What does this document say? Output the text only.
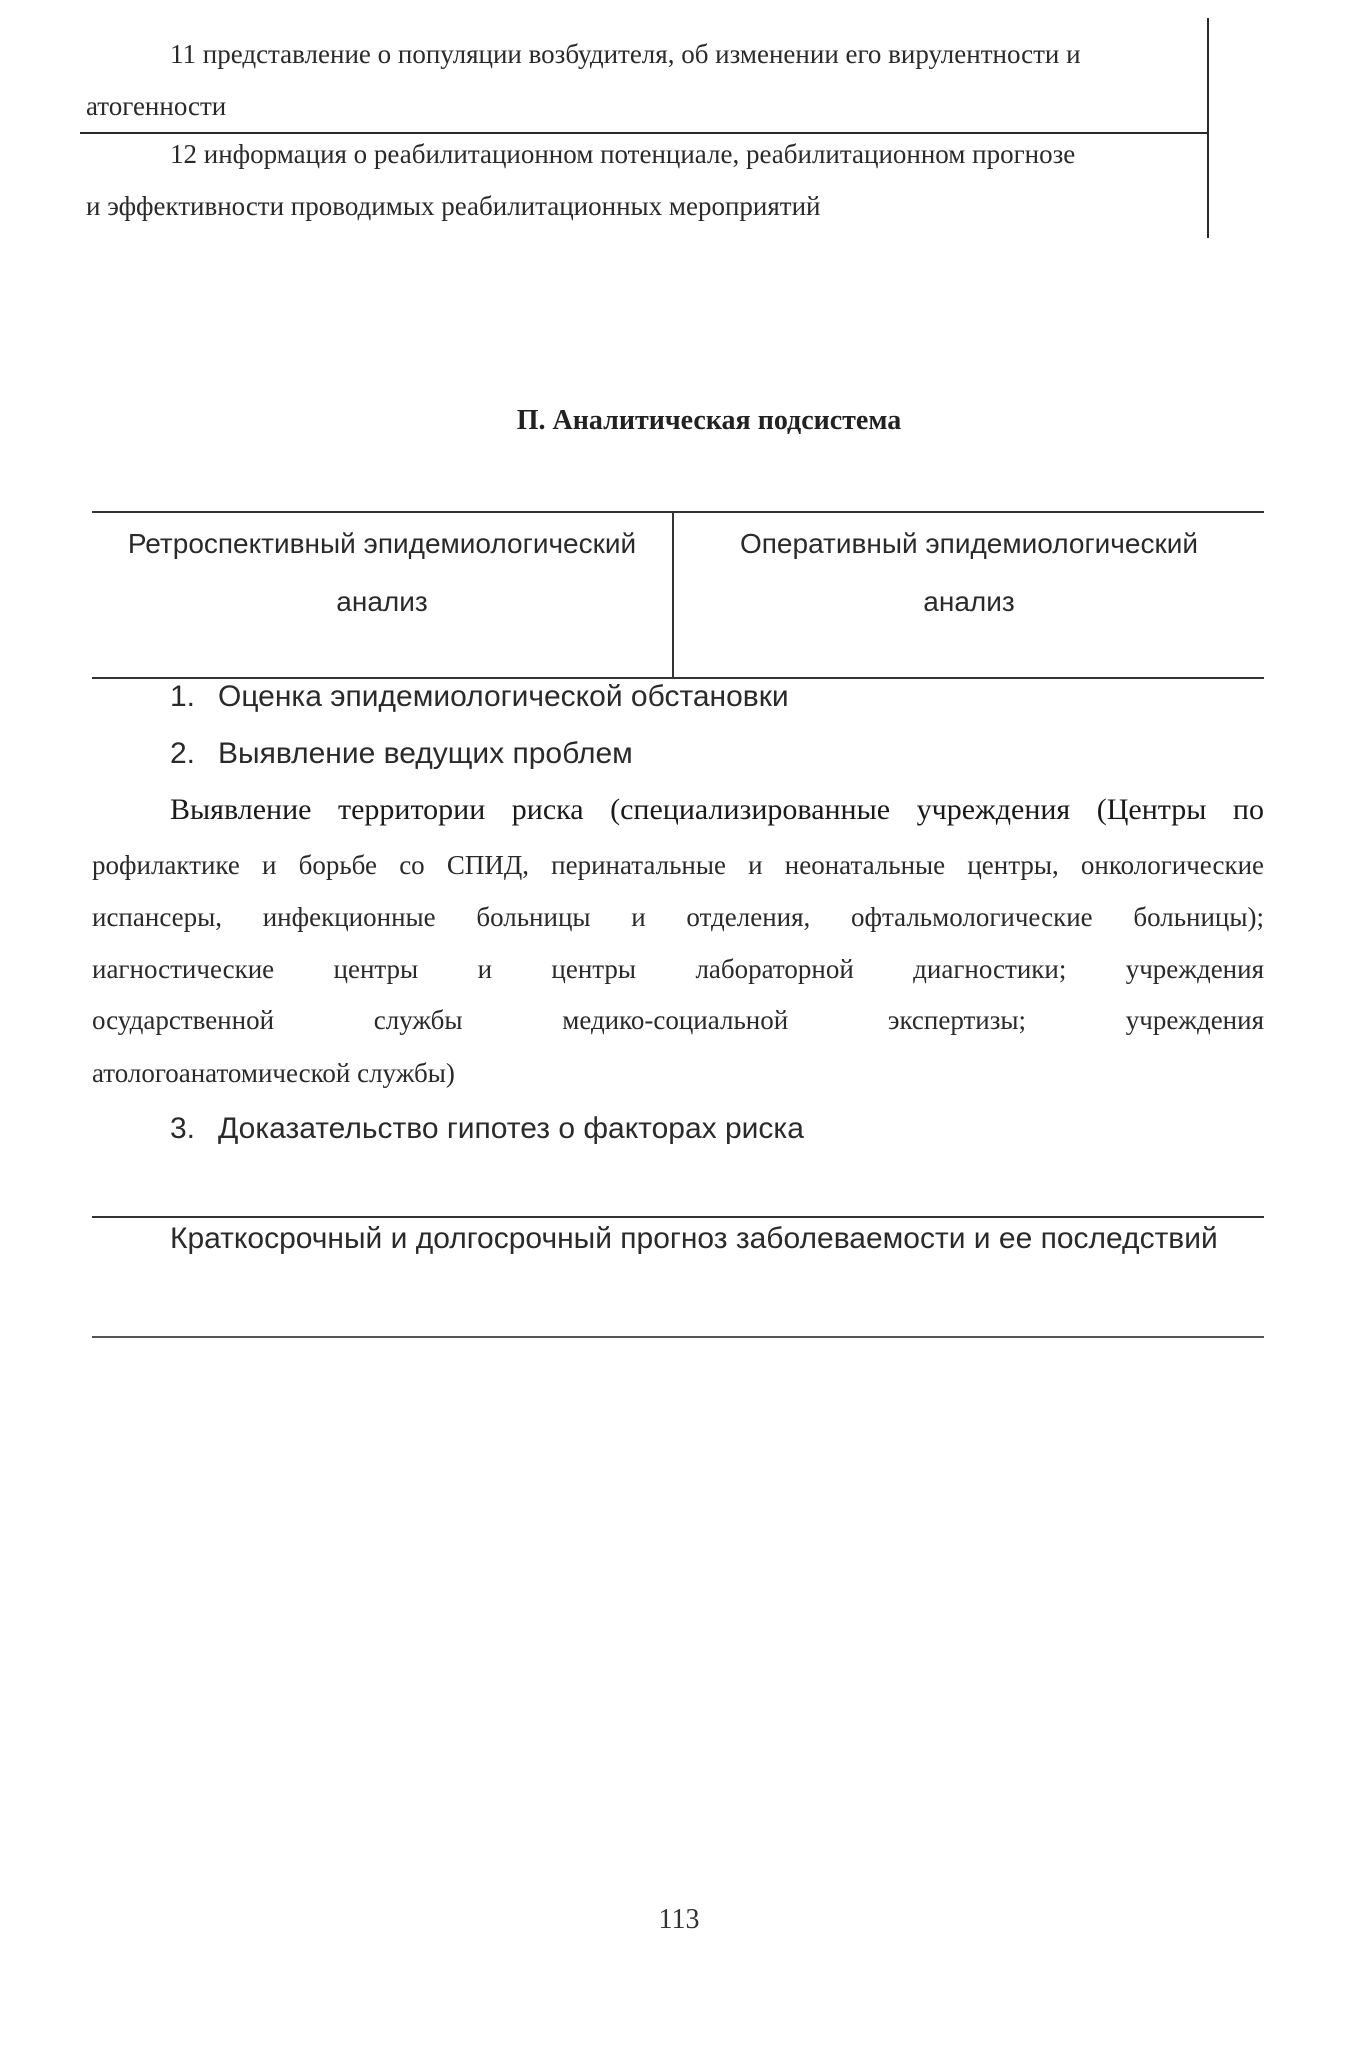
11 представление о популяции возбудителя, об изменении его вирулентности и
атогенности
12 информация о реабилитационном потенциале, реабилитационном прогнозе
и эффективности проводимых реабилитационных мероприятий
П. Аналитическая подсистема
Ретроспективный эпидемиологический
анализ
Оперативный эпидемиологический
анализ
1. Оценка эпидемиологической обстановки
2. Выявление ведущих проблем
3. Доказательство гипотез о факторах риска
Выявление территории риска (специализированные учреждения (Центры по
рофилактике и борьбе со СПИД, перинатальные и неонатальные центры, онкологические
испансеры, инфекционные больницы и отделения, офтальмологические больницы);
иагностические центры и центры лабораторной диагностики; учреждения
осударственной службы медико-социальной экспертизы; учреждения
атологоанатомической службы)
Краткосрочный и долгосрочный прогноз заболеваемости и ее последствий
113
